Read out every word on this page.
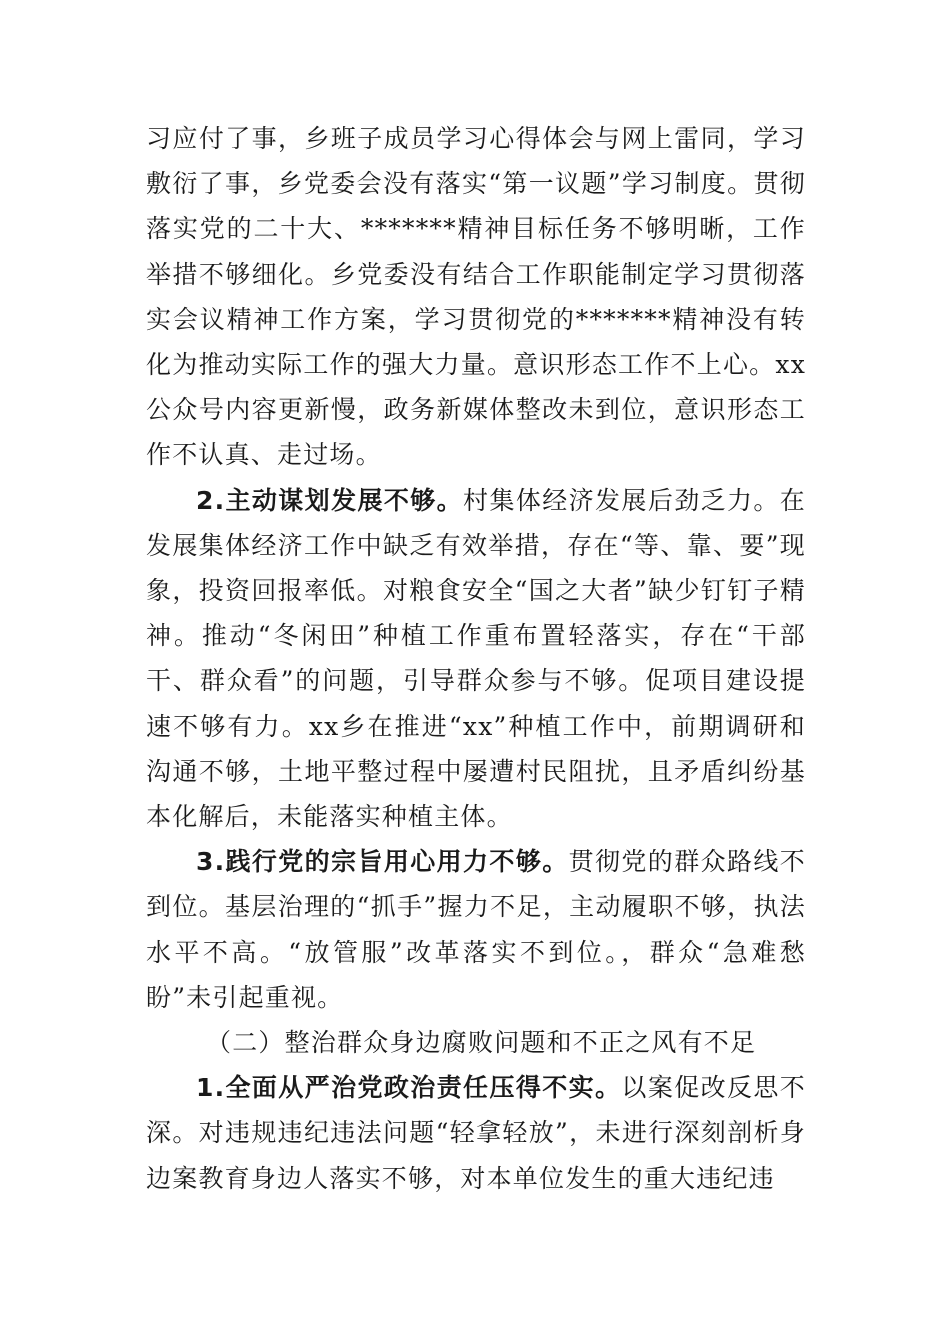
习应付了事，乡班子成员学习心得体会与网上雷同，学习敷衍了事，乡党委会没有落实“第一议题”学习制度。贯彻落实党的二十大、*******精神目标任务不够明晰，工作举措不够细化。乡党委没有结合工作职能制定学习贯彻落实会议精神工作方案，学习贯彻党的*******精神没有转化为推动实际工作的强大力量。意识形态工作不上心。xx公众号内容更新慢，政务新媒体整改未到位，意识形态工作不认真、走过场。

2.主动谋划发展不够。村集体经济发展后劲乏力。在发展集体经济工作中缺乏有效举措，存在“等、靠、要”现象，投资回报率低。对粮食安全“国之大者”缺少钉钉子精神。推动“冬闲田”种植工作重布置轻落实，存在“干部干、群众看”的问题，引导群众参与不够。促项目建设提速不够有力。xx乡在推进“xx”种植工作中，前期调研和沟通不够，土地平整过程中屡遭村民阻扰，且矛盾纠纷基本化解后，未能落实种植主体。

3.践行党的宗旨用心用力不够。贯彻党的群众路线不到位。基层治理的“抓手”握力不足，主动履职不够，执法水平不高。“放管服”改革落实不到位。，群众“急难愁盼”未引起重视。

（二）整治群众身边腐败问题和不正之风有不足

1.全面从严治党政治责任压得不实。以案促改反思不深。对违规违纪违法问题“轻拿轻放”，未进行深刻剖析身边案教育身边人落实不够，对本单位发生的重大违纪违
